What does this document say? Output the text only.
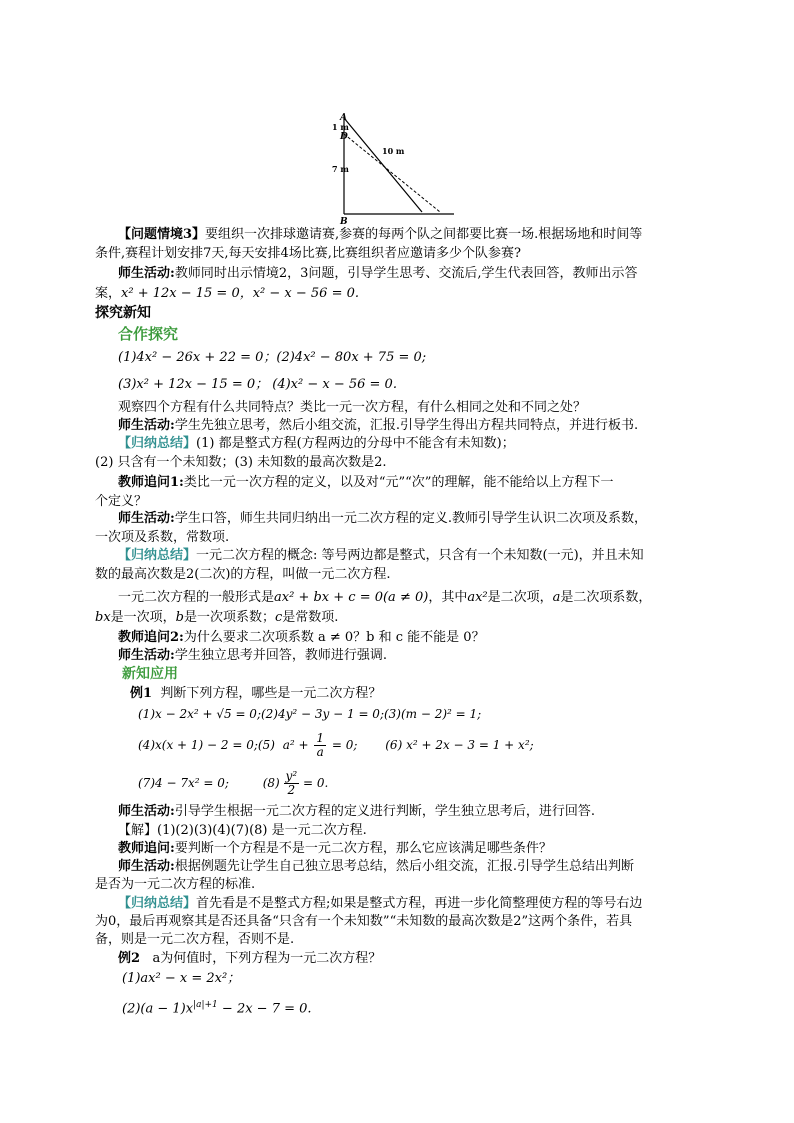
A
1 m
D
10 m
7 m
B
【问题情境3】要组织一次排球邀请赛,参赛的每两个队之间都要比赛一场.根据场地和时间等
条件,赛程计划安排7天,每天安排4场比赛,比赛组织者应邀请多少个队参赛?
师生活动:教师同时出示情境2，3问题，引导学生思考、交流后,学生代表回答，教师出示答
案，x² + 12x − 15 = 0，x² − x − 56 = 0.
探究新知
合作探究
(1)4x² − 26x + 22 = 0；(2)4x² − 80x + 75 = 0;
(3)x² + 12x − 15 = 0； (4)x² − x − 56 = 0.
观察四个方程有什么共同特点？类比一元一次方程，有什么相同之处和不同之处？
师生活动:学生先独立思考，然后小组交流，汇报.引导学生得出方程共同特点，并进行板书.
【归纳总结】(1) 都是整式方程(方程两边的分母中不能含有未知数)；
(2) 只含有一个未知数；(3) 未知数的最高次数是2.
教师追问1:类比一元一次方程的定义，以及对“元”“次”的理解，能不能给以上方程下一
个定义？
师生活动:学生口答，师生共同归纳出一元二次方程的定义.教师引导学生认识二次项及系数，
一次项及系数，常数项.
【归纳总结】一元二次方程的概念: 等号两边都是整式，只含有一个未知数(一元)，并且未知
数的最高次数是2(二次)的方程，叫做一元二次方程.
一元二次方程的一般形式是ax² + bx + c = 0(a ≠ 0)，其中ax²是二次项，a是二次项系数，
bx是一次项，b是一次项系数；c是常数项.
教师追问2:为什么要求二次项系数 a ≠ 0？b 和 c 能不能是 0？
师生活动:学生独立思考并回答，教师进行强调.
新知应用
例1 判断下列方程，哪些是一元二次方程？
(1)x − 2x² + √5 = 0;(2)4y² − 3y − 1 = 0;(3)(m − 2)² = 1;
(4)x(x + 1) − 2 = 0;(5) $a^2 + \frac{1}{a} = 0$; (6) x² + 2x − 3 = 1 + x²;
(7)4 − 7x² = 0;	$(8) \frac{\text{y²}}{2} = 0$.
师生活动:引导学生根据一元二次方程的定义进行判断，学生独立思考后，进行回答.
【解】(1)(2)(3)(4)(7)(8) 是一元二次方程.
教师追问:要判断一个方程是不是一元二次方程，那么它应该满足哪些条件？
师生活动:根据例题先让学生自己独立思考总结，然后小组交流，汇报.引导学生总结出判断
是否为一元二次方程的标准.
【归纳总结】首先看是不是整式方程;如果是整式方程，再进一步化简整理使方程的等号右边
为0，最后再观察其是否还具备“只含有一个未知数”“未知数的最高次数是2”这两个条件，若具
备，则是一元二次方程，否则不是.
例2 a为何值时，下列方程为一元二次方程？
(1)ax² − x = 2x²；
$(2)(a - 1)x^{|a|+1} - 2x - 7 = 0$.
